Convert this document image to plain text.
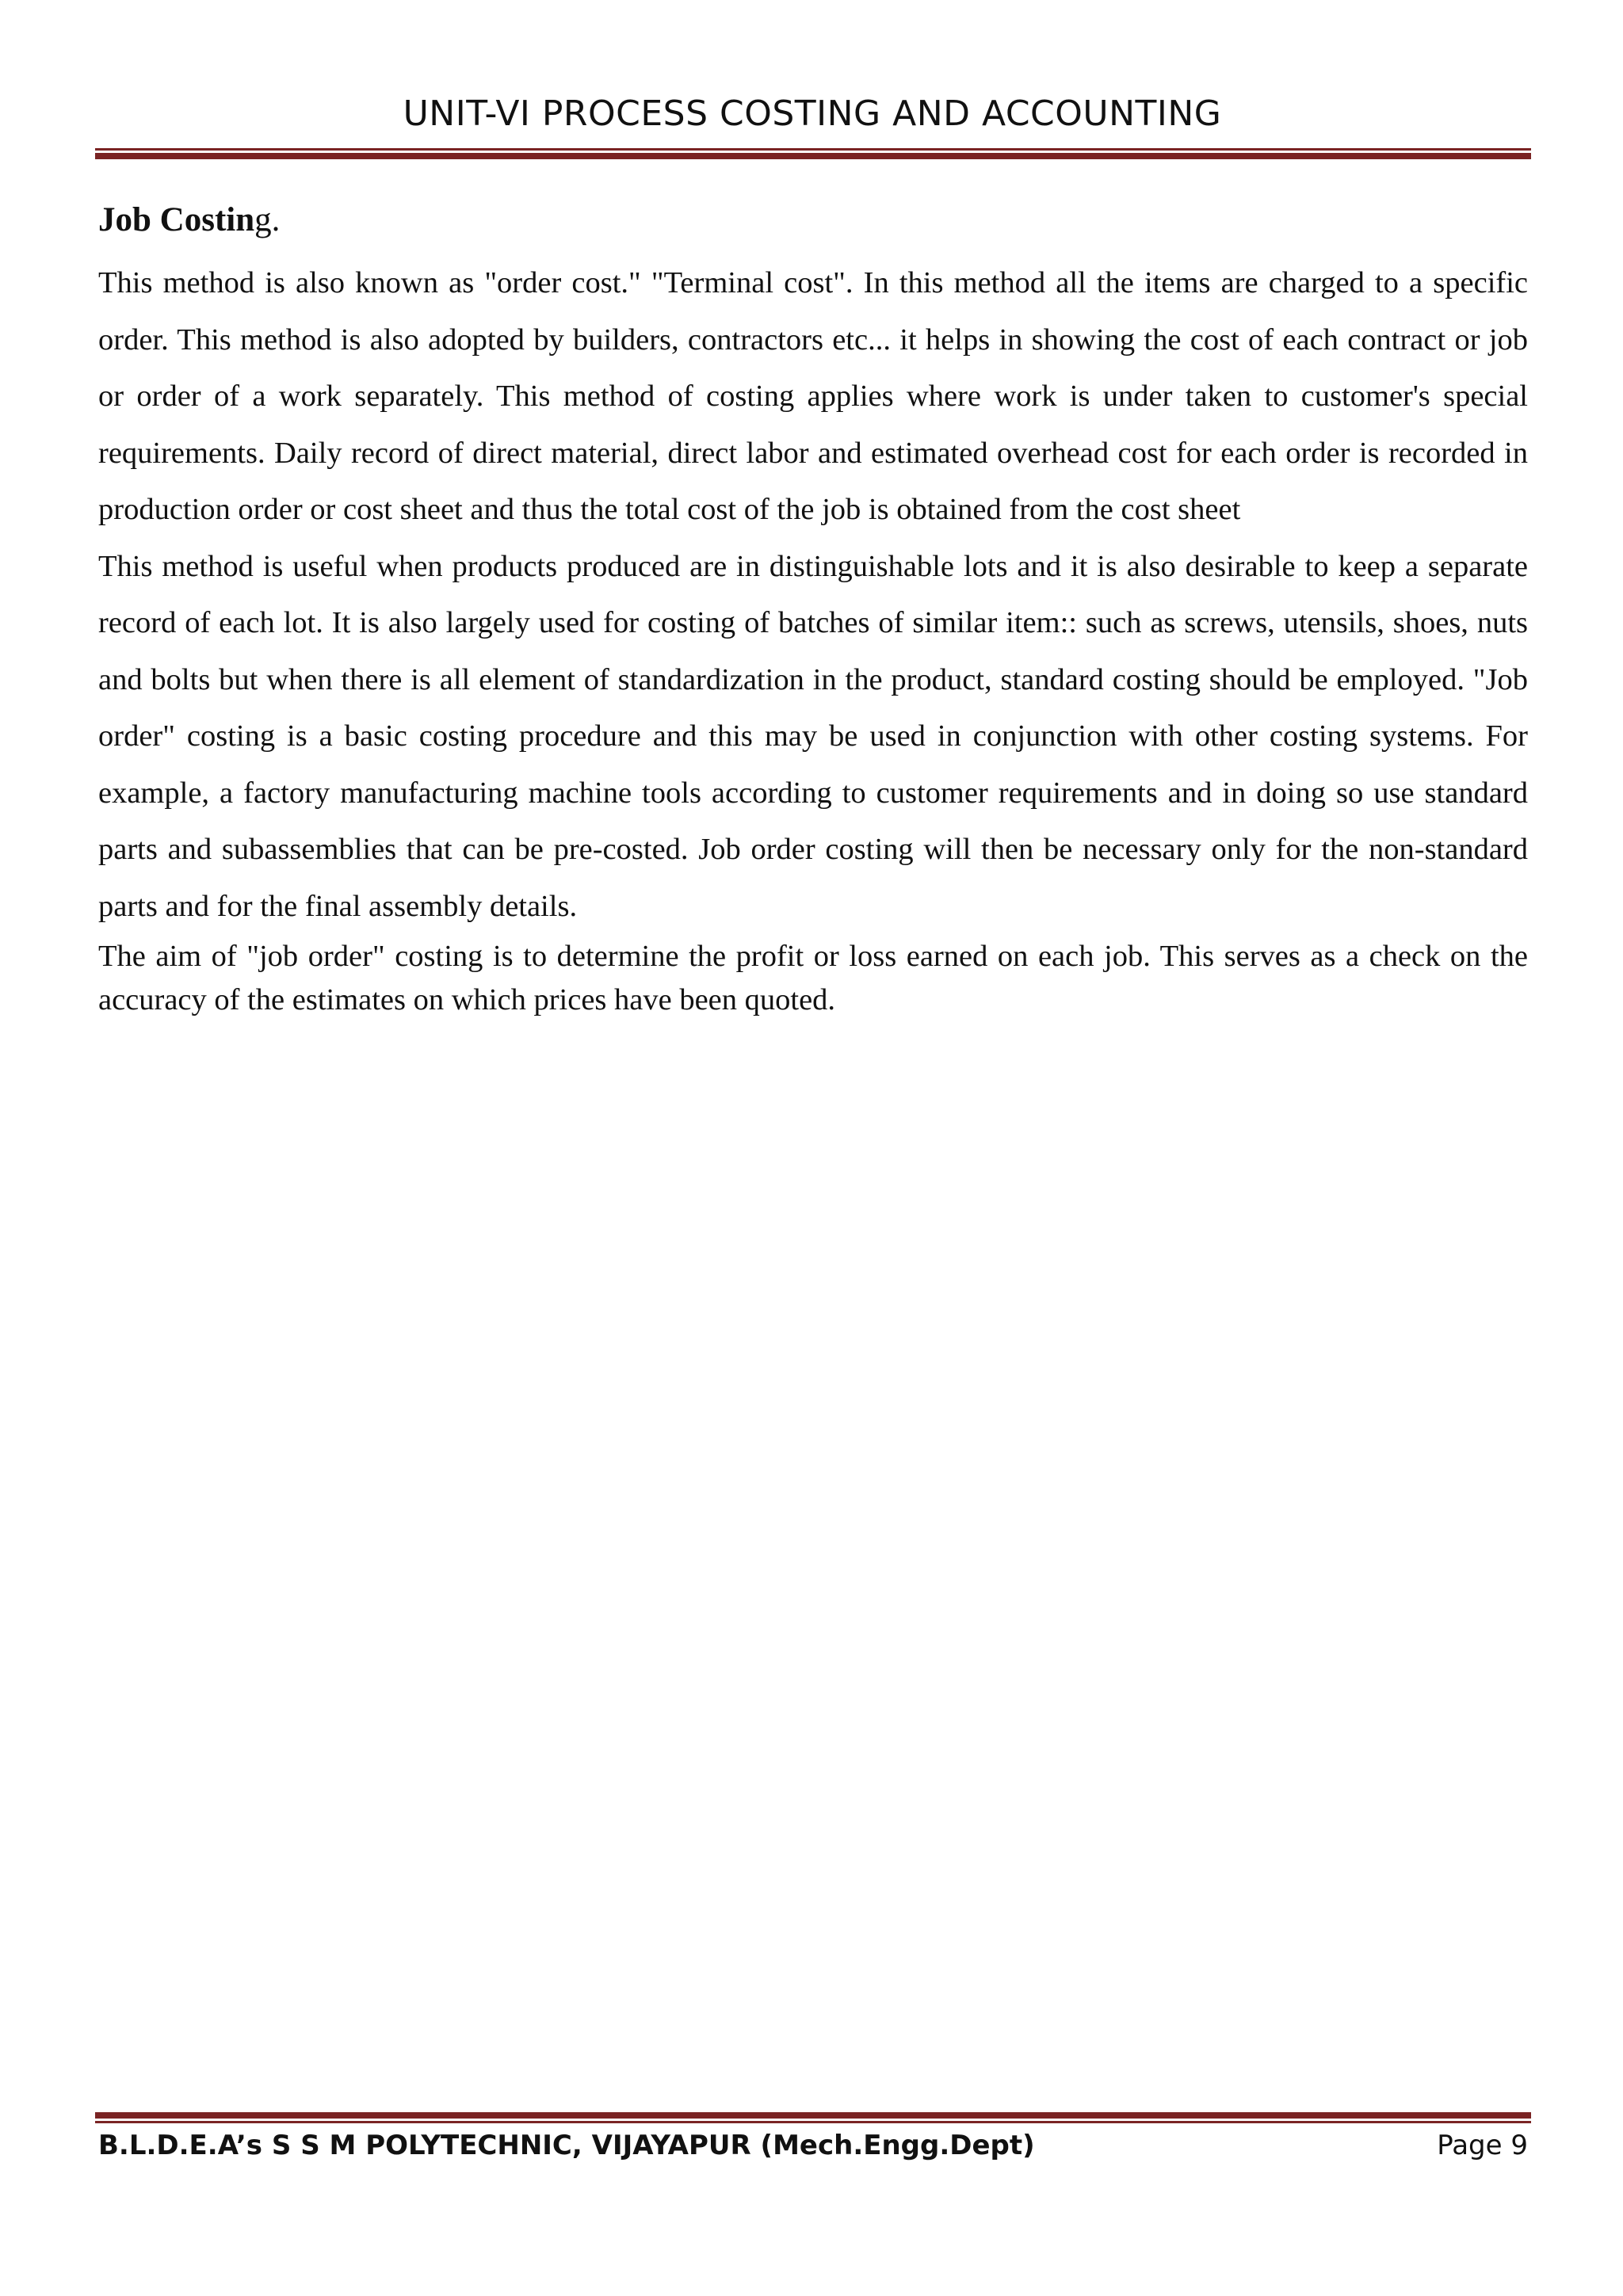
UNIT-VI PROCESS COSTING AND ACCOUNTING
Job Costing.

This method is also known as "order cost." "Terminal cost". In this method all the items are charged to a specific order. This method is also adopted by builders, contractors etc... it helps in showing the cost of each contract or job or order of a work separately. This method of costing applies where work is under taken to customer's special requirements. Daily record of direct material, direct labor and estimated overhead cost for each order is recorded in production order or cost sheet and thus the total cost of the job is obtained from the cost sheet

This method is useful when products produced are in distinguishable lots and it is also desirable to keep a separate record of each lot. It is also largely used for costing of batches of similar item:: such as screws, utensils, shoes, nuts and bolts but when there is all element of standardization in the product, standard costing should be employed. "Job order" costing is a basic costing procedure and this may be used in conjunction with other costing systems. For example, a factory manufacturing machine tools according to customer requirements and in doing so use standard parts and subassemblies that can be pre-costed. Job order costing will then be necessary only for the non-standard parts and for the final assembly details.

The aim of "job order" costing is to determine the profit or loss earned on each job. This serves as a check on the accuracy of the estimates on which prices have been quoted.

B.L.D.E.A’s S S M POLYTECHNIC, VIJAYAPUR (Mech.Engg.Dept)	Page 9
